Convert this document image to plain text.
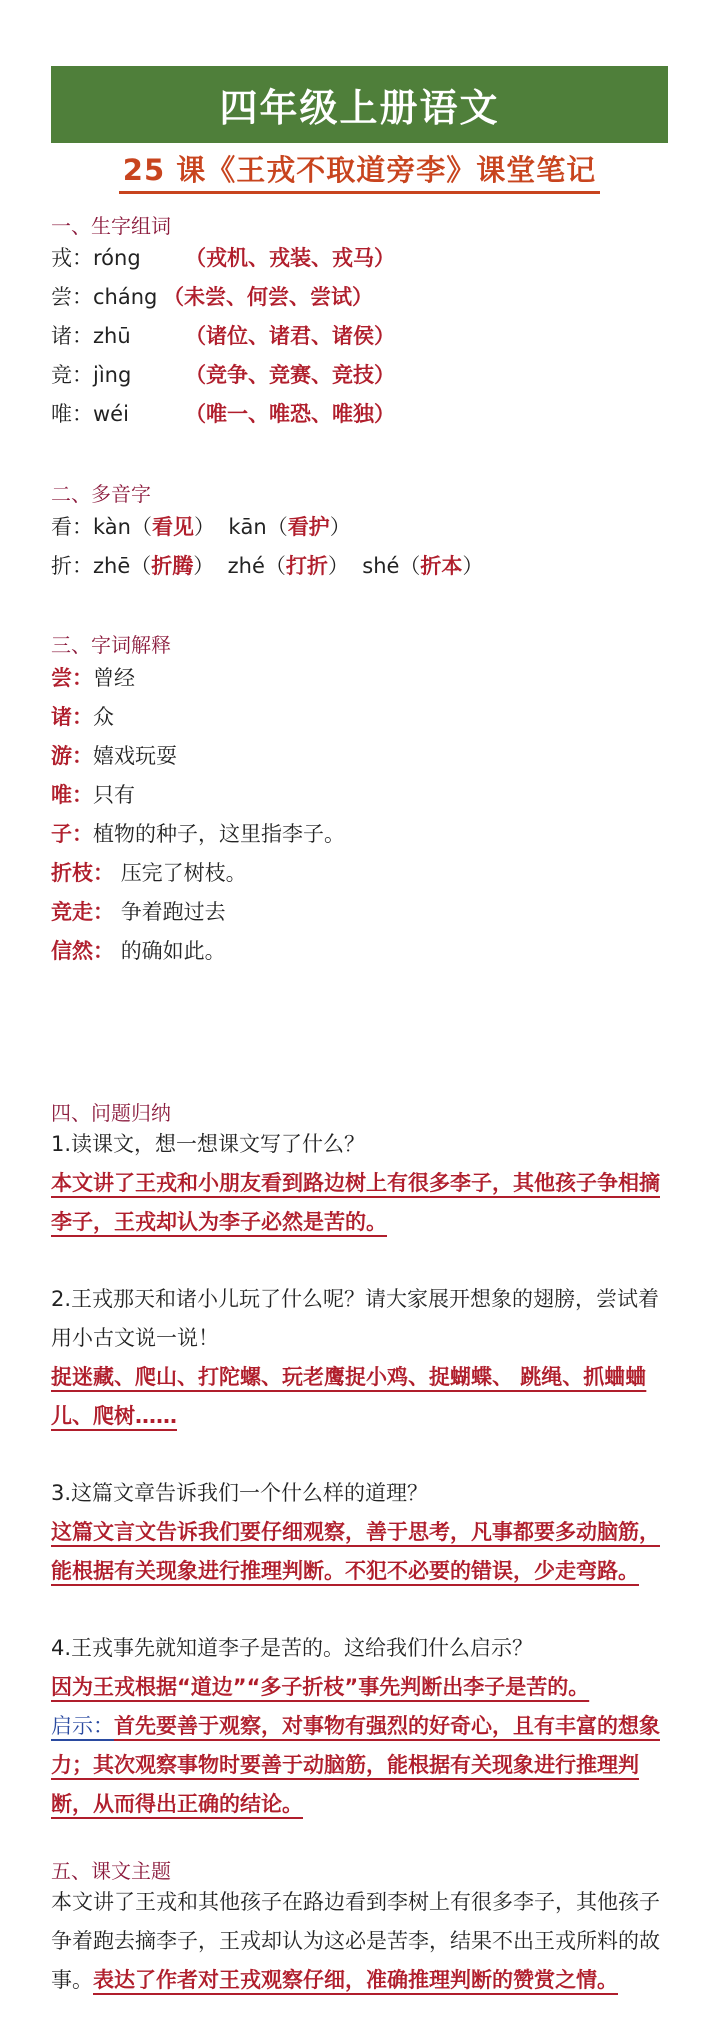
四年级上册语文
25 课《王戎不取道旁李》课堂笔记
一、生字组词
戎：róng （戎机、戎装、戎马）
尝：cháng （未尝、何尝、尝试）
诸：zhū	（诸位、诸君、诸侯）
竞：jìng	（竞争、竞赛、竞技）
唯：wéi	（唯一、唯恐、唯独）
二、多音字
看：kàn（看见）  kān（看护）
折：zhē（折腾）  zhé（打折）  shé（折本）
三、字词解释
尝：曾经
诸：众
游：嬉戏玩耍
唯：只有
子：植物的种子，这里指李子。
折枝： 压完了树枝。
竞走： 争着跑过去
信然： 的确如此。
四、问题归纳
1.读课文，想一想课文写了什么？
本文讲了王戎和小朋友看到路边树上有很多李子，其他孩子争相摘李子，王戎却认为李子必然是苦的。
2.王戎那天和诸小儿玩了什么呢？请大家展开想象的翅膀，尝试着用小古文说一说！
捉迷藏、爬山、打陀螺、玩老鹰捉小鸡、捉蝴蝶、 跳绳、抓蛐蛐儿、爬树……
3.这篇文章告诉我们一个什么样的道理？
这篇文言文告诉我们要仔细观察，善于思考，凡事都要多动脑筋，能根据有关现象进行推理判断。不犯不必要的错误，少走弯路。
4.王戎事先就知道李子是苦的。这给我们什么启示？
因为王戎根据“道边”“多子折枝”事先判断出李子是苦的。
启示：首先要善于观察，对事物有强烈的好奇心，且有丰富的想象力；其次观察事物时要善于动脑筋，能根据有关现象进行推理判断，从而得出正确的结论。
五、课文主题
本文讲了王戎和其他孩子在路边看到李树上有很多李子，其他孩子争着跑去摘李子，王戎却认为这必是苦李，结果不出王戎所料的故事。表达了作者对王戎观察仔细，准确推理判断的赞赏之情。
